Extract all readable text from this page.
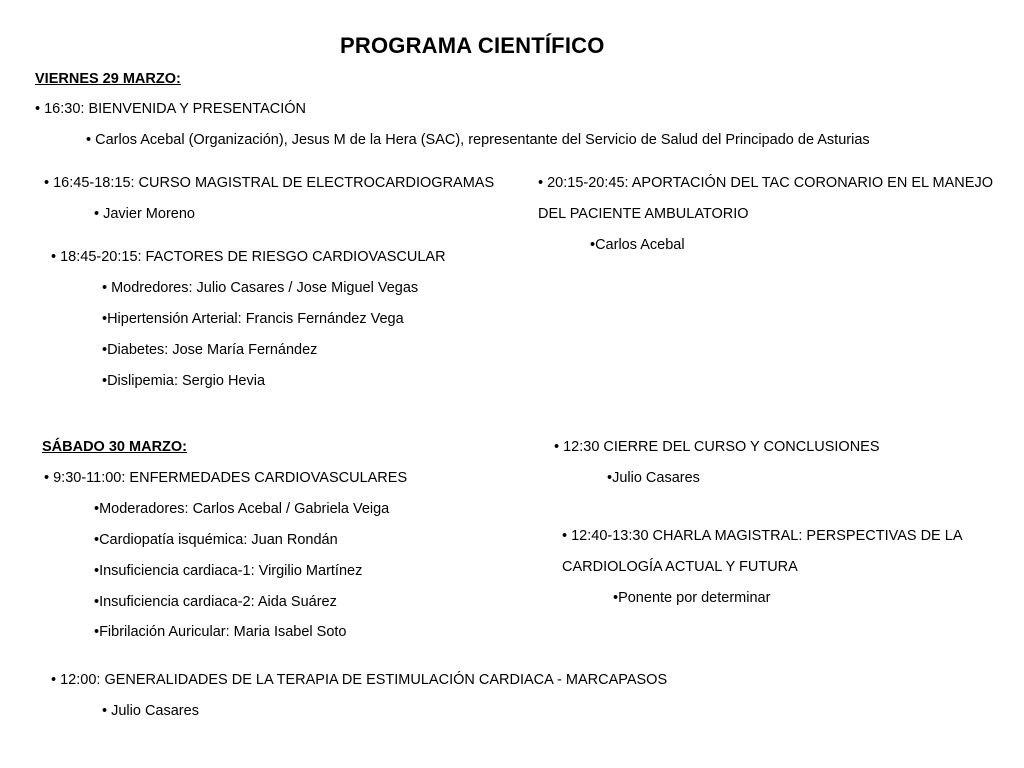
PROGRAMA CIENTÍFICO
VIERNES 29 MARZO:
• 16:30: BIENVENIDA Y PRESENTACIÓN
• Carlos Acebal (Organización), Jesus M de la Hera (SAC), representante del Servicio de Salud del Principado de Asturias
• 16:45-18:15: CURSO MAGISTRAL DE ELECTROCARDIOGRAMAS
• Javier Moreno
• 18:45-20:15: FACTORES DE RIESGO CARDIOVASCULAR
• Modredores: Julio Casares / Jose Miguel Vegas
•Hipertensión Arterial: Francis Fernández Vega
•Diabetes: Jose María Fernández
•Dislipemia: Sergio Hevia
• 20:15-20:45: APORTACIÓN DEL TAC CORONARIO EN EL MANEJO
DEL PACIENTE AMBULATORIO
•Carlos Acebal
SÁBADO 30 MARZO:
• 9:30-11:00: ENFERMEDADES CARDIOVASCULARES
•Moderadores: Carlos Acebal / Gabriela Veiga
•Cardiopatía isquémica: Juan Rondán
•Insuficiencia cardiaca-1: Virgilio Martínez
•Insuficiencia cardiaca-2: Aida Suárez
•Fibrilación Auricular: Maria Isabel Soto
• 12:00: GENERALIDADES DE LA TERAPIA DE ESTIMULACIÓN CARDIACA - MARCAPASOS
• Julio Casares
• 12:30 CIERRE DEL CURSO Y CONCLUSIONES
•Julio Casares
• 12:40-13:30 CHARLA MAGISTRAL: PERSPECTIVAS DE LA
CARDIOLOGÍA ACTUAL Y FUTURA
•Ponente por determinar
